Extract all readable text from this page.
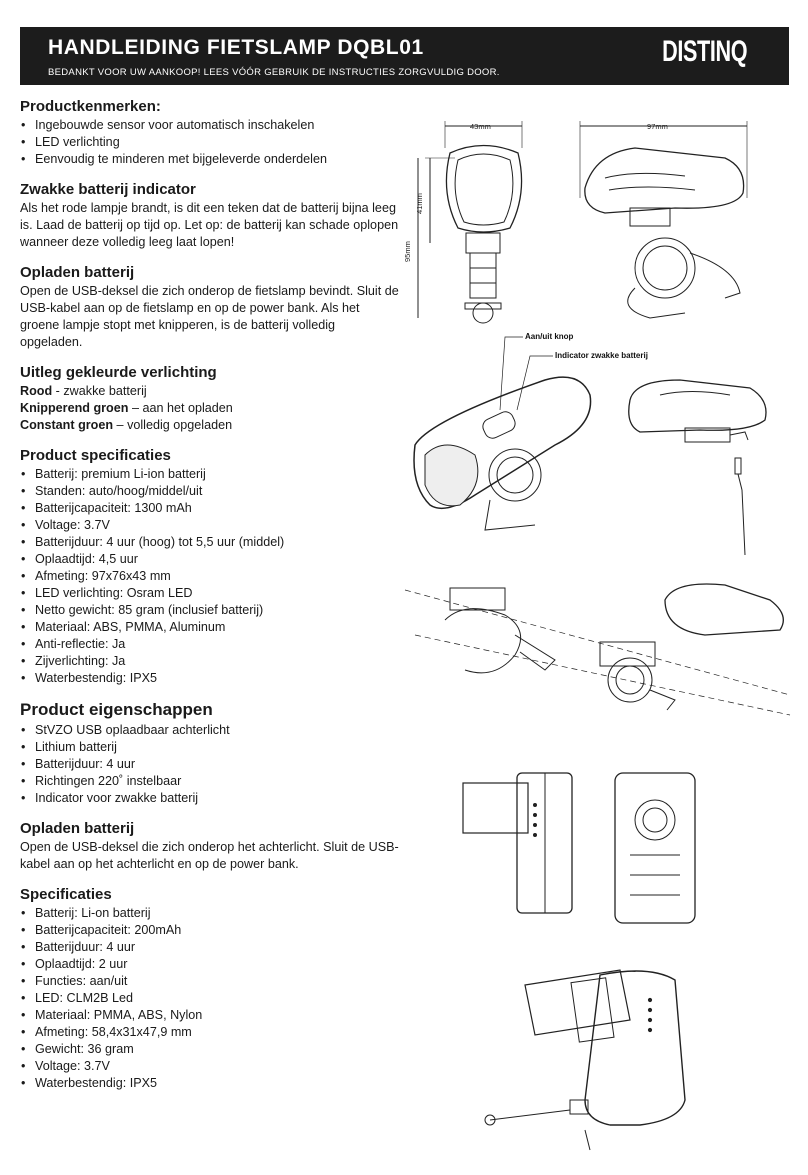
HANDLEIDING FIETSLAMP DQBL01
BEDANKT VOOR UW AANKOOP! LEES VÓÓR GEBRUIK DE INSTRUCTIES ZORGVULDIG DOOR.
DISTINQ
Productkenmerken:
• Ingebouwde sensor voor automatisch inschakelen
• LED verlichting
• Eenvoudig te minderen met bijgeleverde onderdelen
Zwakke batterij indicator
Als het rode lampje brandt, is dit een teken dat de batterij bijna leeg is. Laad de batterij op tijd op. Let op: de batterij kan schade oplopen wanneer deze volledig leeg laat lopen!
Opladen batterij
Open de USB-deksel die zich onderop de fietslamp bevindt. Sluit de USB-kabel aan op de fietslamp en op de power bank. Als het groene lampje stopt met knipperen, is de batterij volledig opgeladen.
Uitleg gekleurde verlichting
Rood - zwakke batterij
Knipperend groen – aan het opladen
Constant groen – volledig opgeladen
Product specificaties
• Batterij: premium Li-ion batterij
• Standen: auto/hoog/middel/uit
• Batterijcapaciteit: 1300 mAh
• Voltage: 3.7V
• Batterijduur: 4 uur (hoog) tot 5,5 uur (middel)
• Oplaadtijd: 4,5 uur
• Afmeting: 97x76x43 mm
• LED verlichting: Osram LED
• Netto gewicht: 85 gram (inclusief batterij)
• Materiaal: ABS, PMMA, Aluminum
• Anti-reflectie: Ja
• Zijverlichting: Ja
• Waterbestendig: IPX5
Product eigenschappen
• StVZO USB oplaadbaar achterlicht
• Lithium batterij
• Batterijduur: 4 uur
• Richtingen 220˚ instelbaar
• Indicator voor zwakke batterij
Opladen batterij
Open de USB-deksel die zich onderop het achterlicht. Sluit de USB-kabel aan op het achterlicht en op de power bank.
Specificaties
• Batterij: Li-on batterij
• Batterijcapaciteit: 200mAh
• Batterijduur: 4 uur
• Oplaadtijd: 2 uur
• Functies: aan/uit
• LED: CLM2B Led
• Materiaal: PMMA, ABS, Nylon
• Afmeting: 58,4x31x47,9 mm
• Gewicht: 36 gram
• Voltage: 3.7V
• Waterbestendig: IPX5
43mm
41mm
95mm
97mm
Aan/uit knop
Indicator zwakke batterij
